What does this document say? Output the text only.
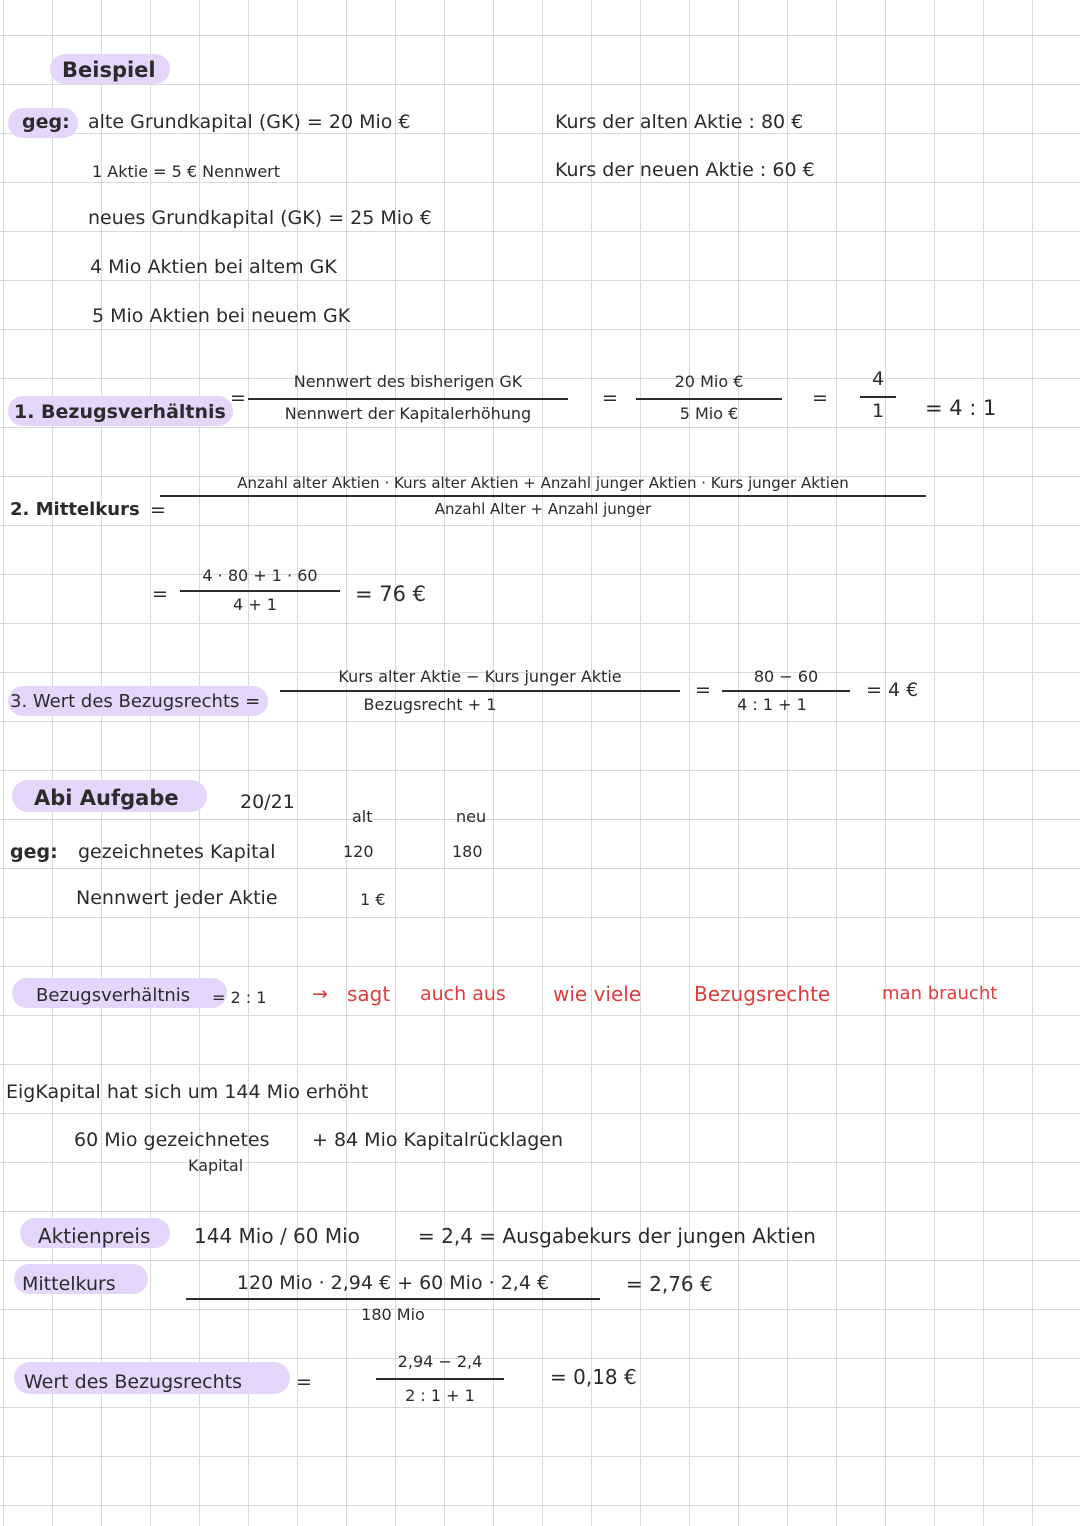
Beispiel
geg: alte Grundkapital (GK) = 20 Mio €
1 Aktie = 5 € Nennwert
neues Grundkapital (GK) = 25 Mio €
4 Mio Aktien bei altem GK
5 Mio Aktien bei neuem GK
Kurs der alten Aktie : 80 €
Kurs der neuen Aktie : 60 €
1. Bezugsverhältnis
=
Nennwert des bisherigen GK
Nennwert der Kapitalerhöhung
=
20 Mio €
5 Mio €
=
4
1	= 4 : 1
2. Mittelkurs =
Anzahl alter Aktien · Kurs alter Aktien + Anzahl junger Aktien · Kurs junger Aktien
Anzahl Alter + Anzahl junger
=
4 · 80 + 1 · 60
4 + 1	= 76 €
3. Wert des Bezugsrechts =
Kurs alter Aktie − Kurs junger Aktie
Bezugsrecht + 1
=
80 − 60
4 : 1 + 1
= 4 €
Abi Aufgabe	20/21
alt	neu
geg: gezeichnetes Kapital	120	180
Nennwert jeder Aktie	1 €
Bezugsverhältnis = 2 : 1 → sagt auch aus wie viele	Bezugsrechte	man braucht
EigKapital hat sich um 144 Mio erhöht
60 Mio gezeichnetes
Kapital
+ 84 Mio Kapitalrücklagen
Aktienpreis 144 Mio / 60 Mio	= 2,4 = Ausgabekurs der jungen Aktien
Mittelkurs	120 Mio · 2,94 € + 60 Mio · 2,4 €
180 Mio
= 2,76 €
Wert des Bezugsrechts	=
2,94 − 2,4
2 : 1 + 1
= 0,18 €
